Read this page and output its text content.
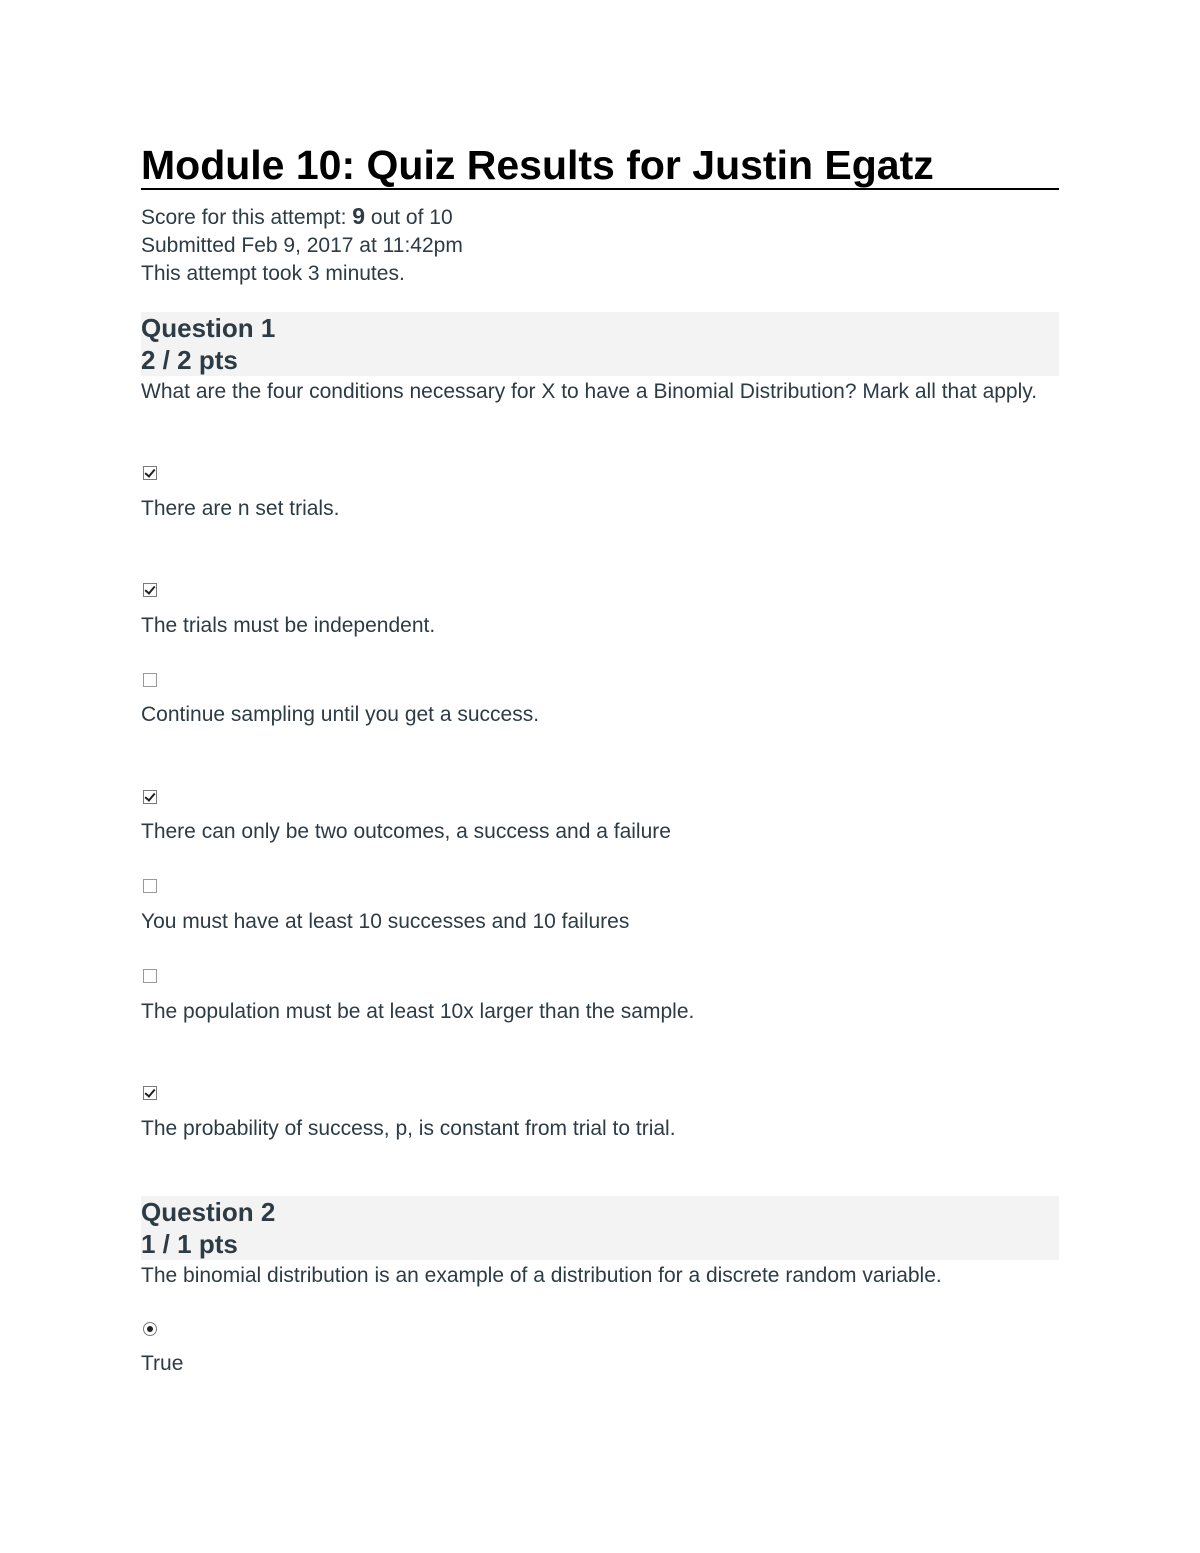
Module 10: Quiz Results for Justin Egatz
Score for this attempt: 9 out of 10
Submitted Feb 9, 2017 at 11:42pm
This attempt took 3 minutes.
Question 1
2 / 2 pts
What are the four conditions necessary for X to have a Binomial Distribution? Mark all that apply.
There are n set trials.
The trials must be independent.
Continue sampling until you get a success.
There can only be two outcomes, a success and a failure
You must have at least 10 successes and 10 failures
The population must be at least 10x larger than the sample.
The probability of success, p, is constant from trial to trial.
Question 2
1 / 1 pts
The binomial distribution is an example of a distribution for a discrete random variable.
True
